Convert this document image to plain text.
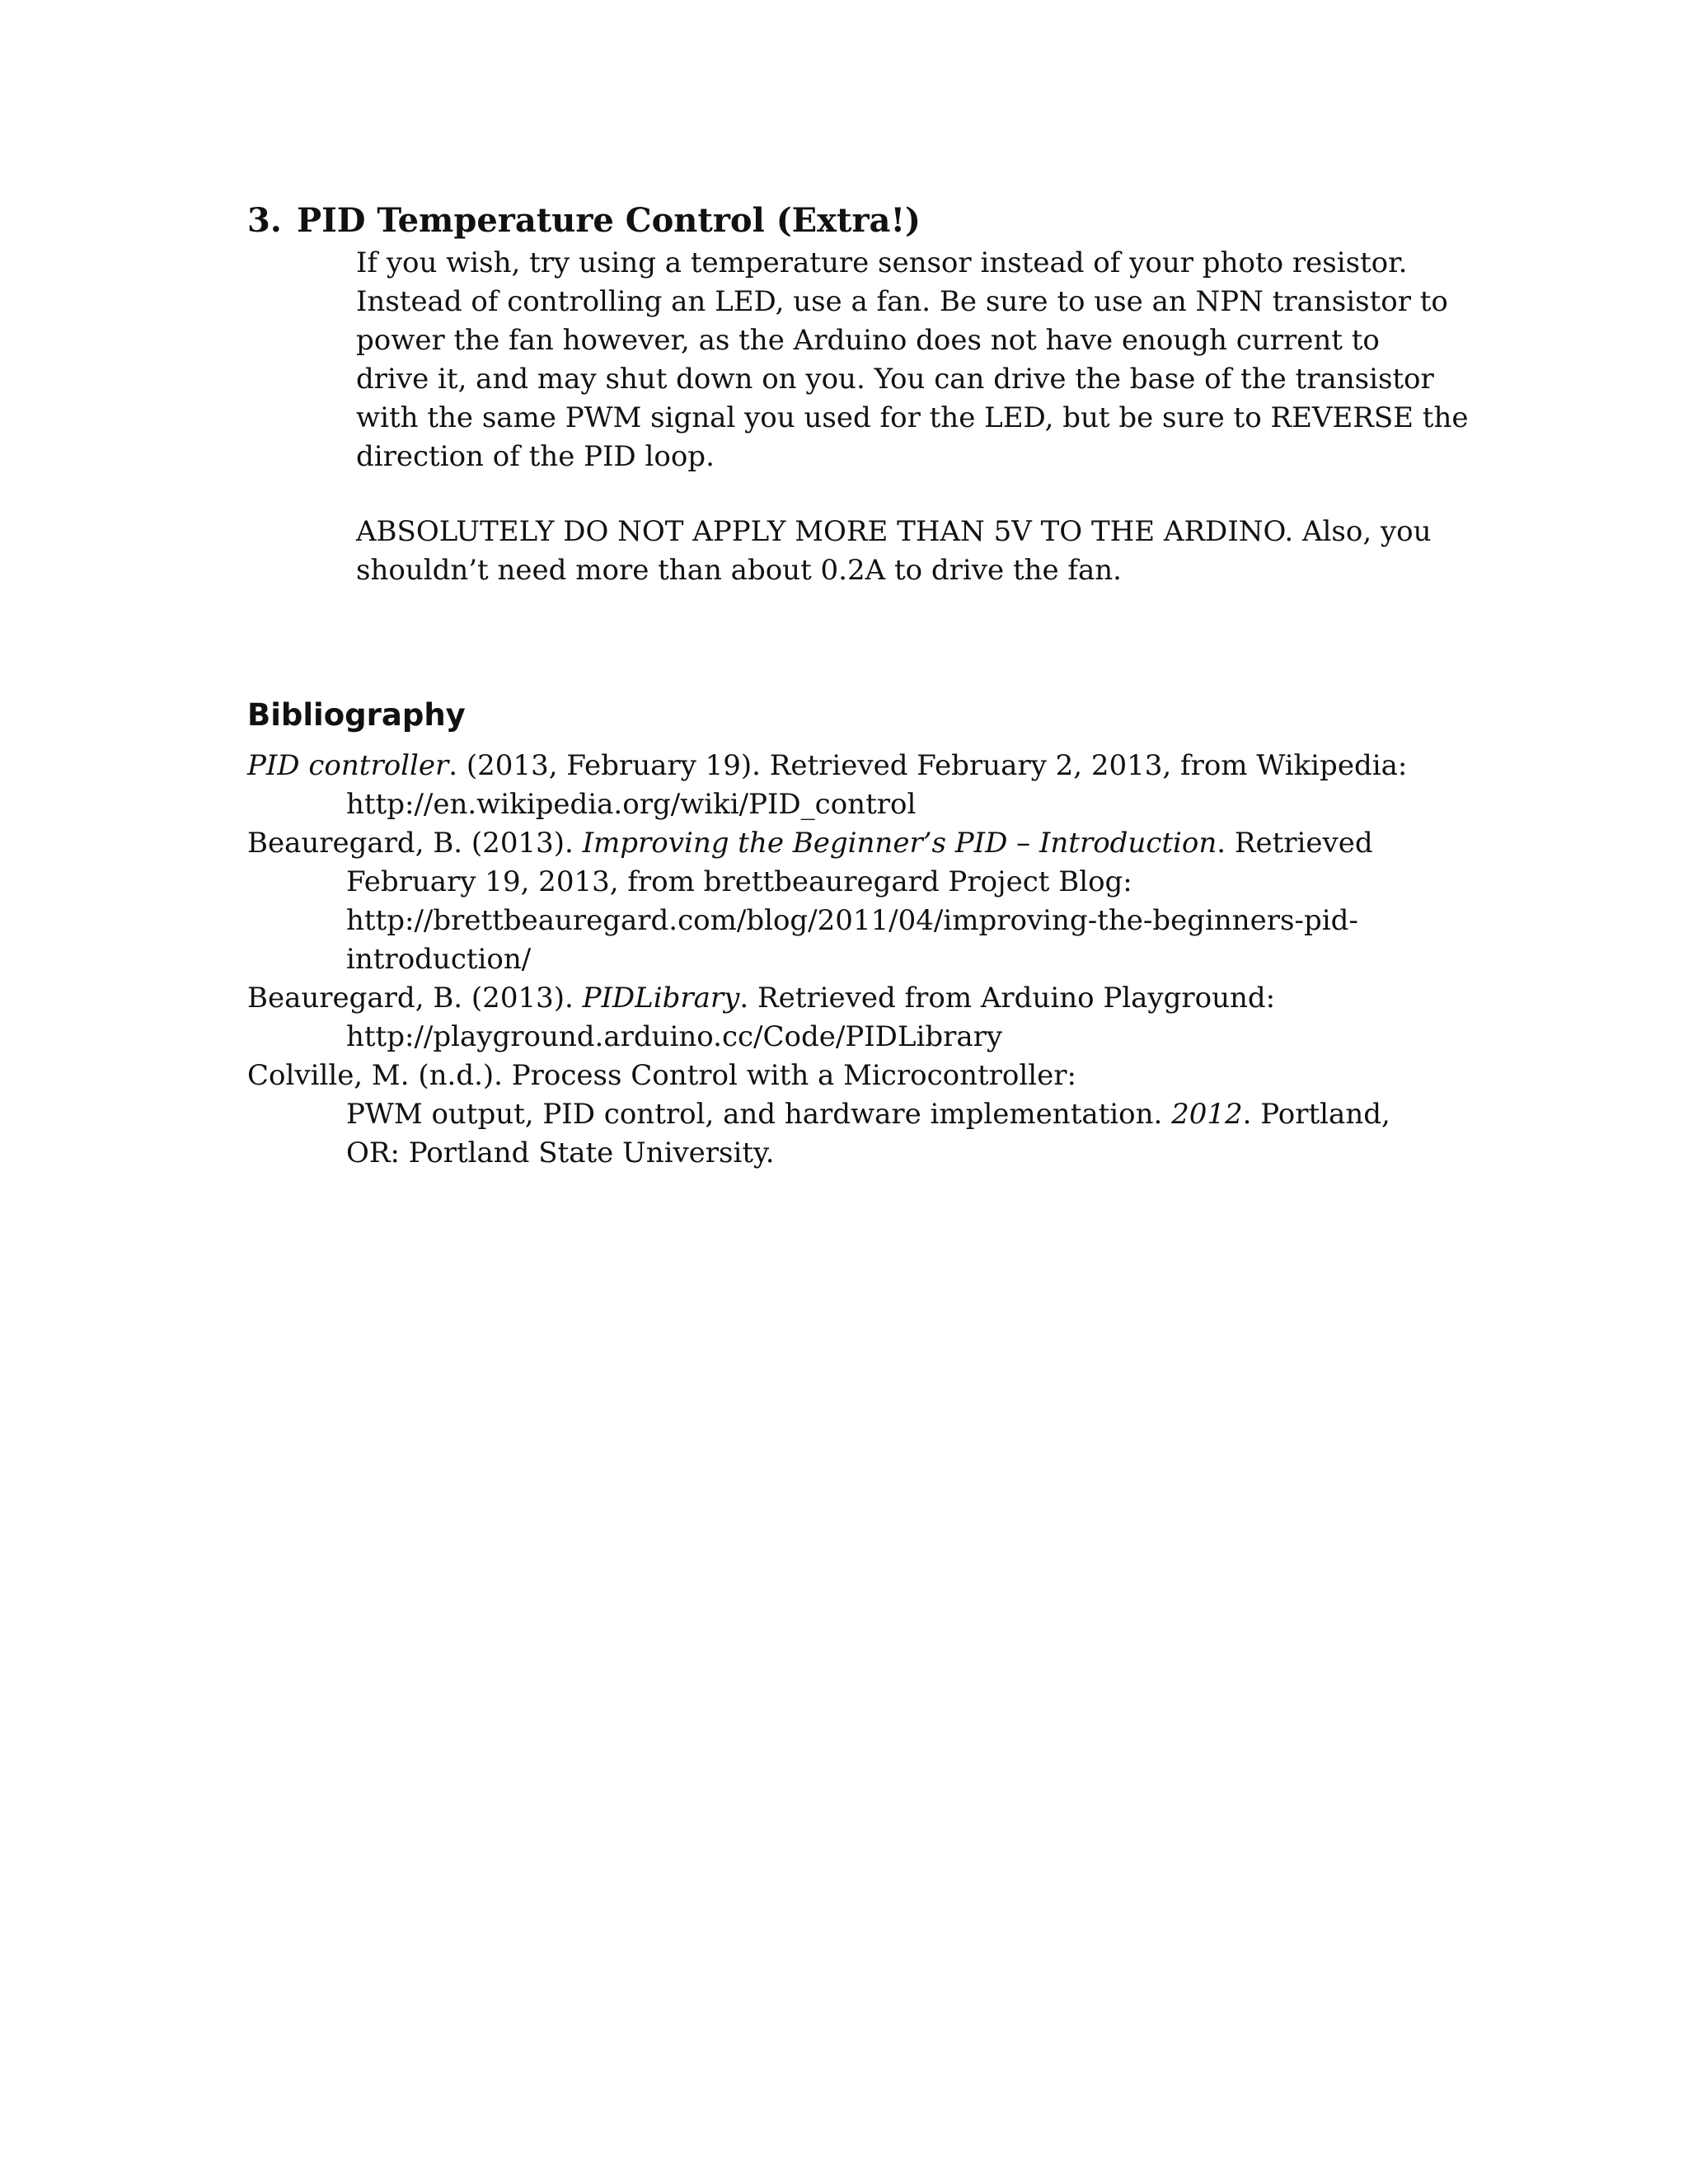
3. PID Temperature Control (Extra!)

If you wish, try using a temperature sensor instead of your photo resistor.
Instead of controlling an LED, use a fan. Be sure to use an NPN transistor to
power the fan however, as the Arduino does not have enough current to
drive it, and may shut down on you. You can drive the base of the transistor
with the same PWM signal you used for the LED, but be sure to REVERSE the
direction of the PID loop.

ABSOLUTELY DO NOT APPLY MORE THAN 5V TO THE ARDINO. Also, you
shouldn’t need more than about 0.2A to drive the fan.

Bibliography
PID controller. (2013, February 19). Retrieved February 2, 2013, from Wikipedia:
http://en.wikipedia.org/wiki/PID_control
Beauregard, B. (2013). Improving the Beginner’s PID – Introduction. Retrieved
February 19, 2013, from brettbeauregard Project Blog:
http://brettbeauregard.com/blog/2011/04/improving-the-beginners-pid-
introduction/
Beauregard, B. (2013). PIDLibrary. Retrieved from Arduino Playground:
http://playground.arduino.cc/Code/PIDLibrary
Colville, M. (n.d.). Process Control with a Microcontroller:
PWM output, PID control, and hardware implementation. 2012. Portland,
OR: Portland State University.
